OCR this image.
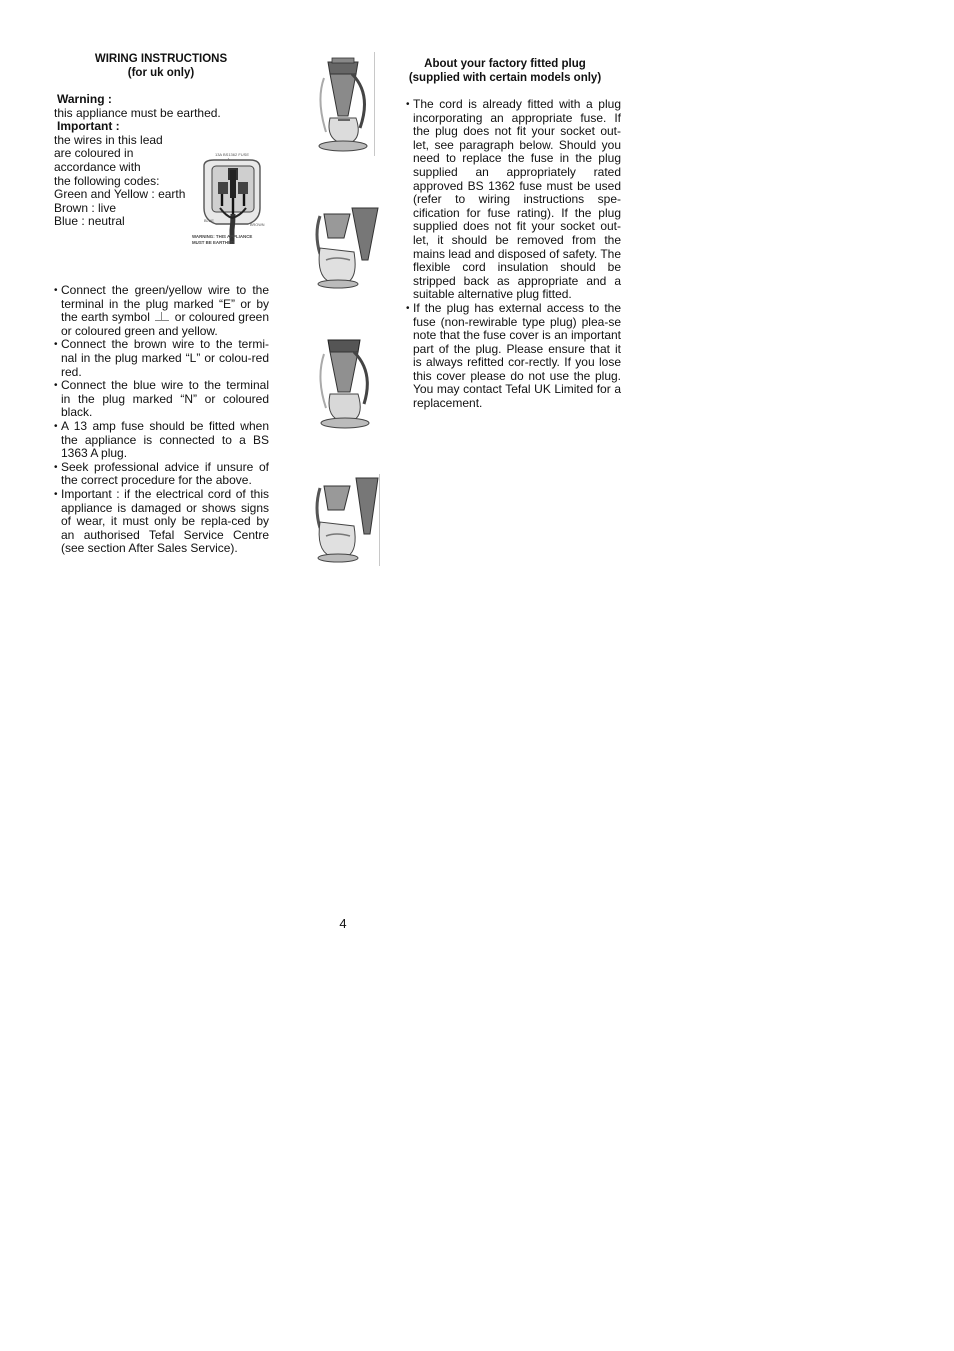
WIRING INSTRUCTIONS
(for uk only)
Warning :
this appliance must be earthed.
Important :
the wires in this lead
are coloured in
accordance with
the following codes:
Green and Yellow : earth
Brown : live
Blue : neutral
13A BS1362 FUSE
BLUE
BROWN
WARNING: THIS APPLIANCE
MUST BE EARTHED
• Connect the green/yellow wire to the terminal in the plug marked “E” or by the earth symbol or coloured green or coloured green and yellow.
• Connect the brown wire to the termi-nal in the plug marked “L” or colou-red red.
• Connect the blue wire to the terminal in the plug marked “N” or coloured black.
• A 13 amp fuse should be fitted when the appliance is connected to a BS 1363 A plug.
• Seek professional advice if unsure of the correct procedure for the above.
• Important : if the electrical cord of this appliance is damaged or shows signs of wear, it must only be repla-ced by an authorised Tefal Service Centre (see section After Sales Service).
About your factory fitted plug
(supplied with certain models only)
• The cord is already fitted with a plug incorporating an appropriate fuse. If the plug does not fit your socket out-let, see paragraph below. Should you need to replace the fuse in the plug supplied an appropriately rated approved BS 1362 fuse must be used (refer to wiring instructions spe-cification for fuse rating). If the plug supplied does not fit your socket out-let, it should be removed from the mains lead and disposed of safety. The flexible cord insulation should be stripped back as appropriate and a suitable alternative plug fitted.
• If the plug has external access to the fuse (non-rewirable type plug) plea-se note that the fuse cover is an important part of the plug. Please ensure that it is always refitted cor-rectly. If you lose this cover please do not use the plug. You may contact Tefal UK Limited for a replacement.
4
